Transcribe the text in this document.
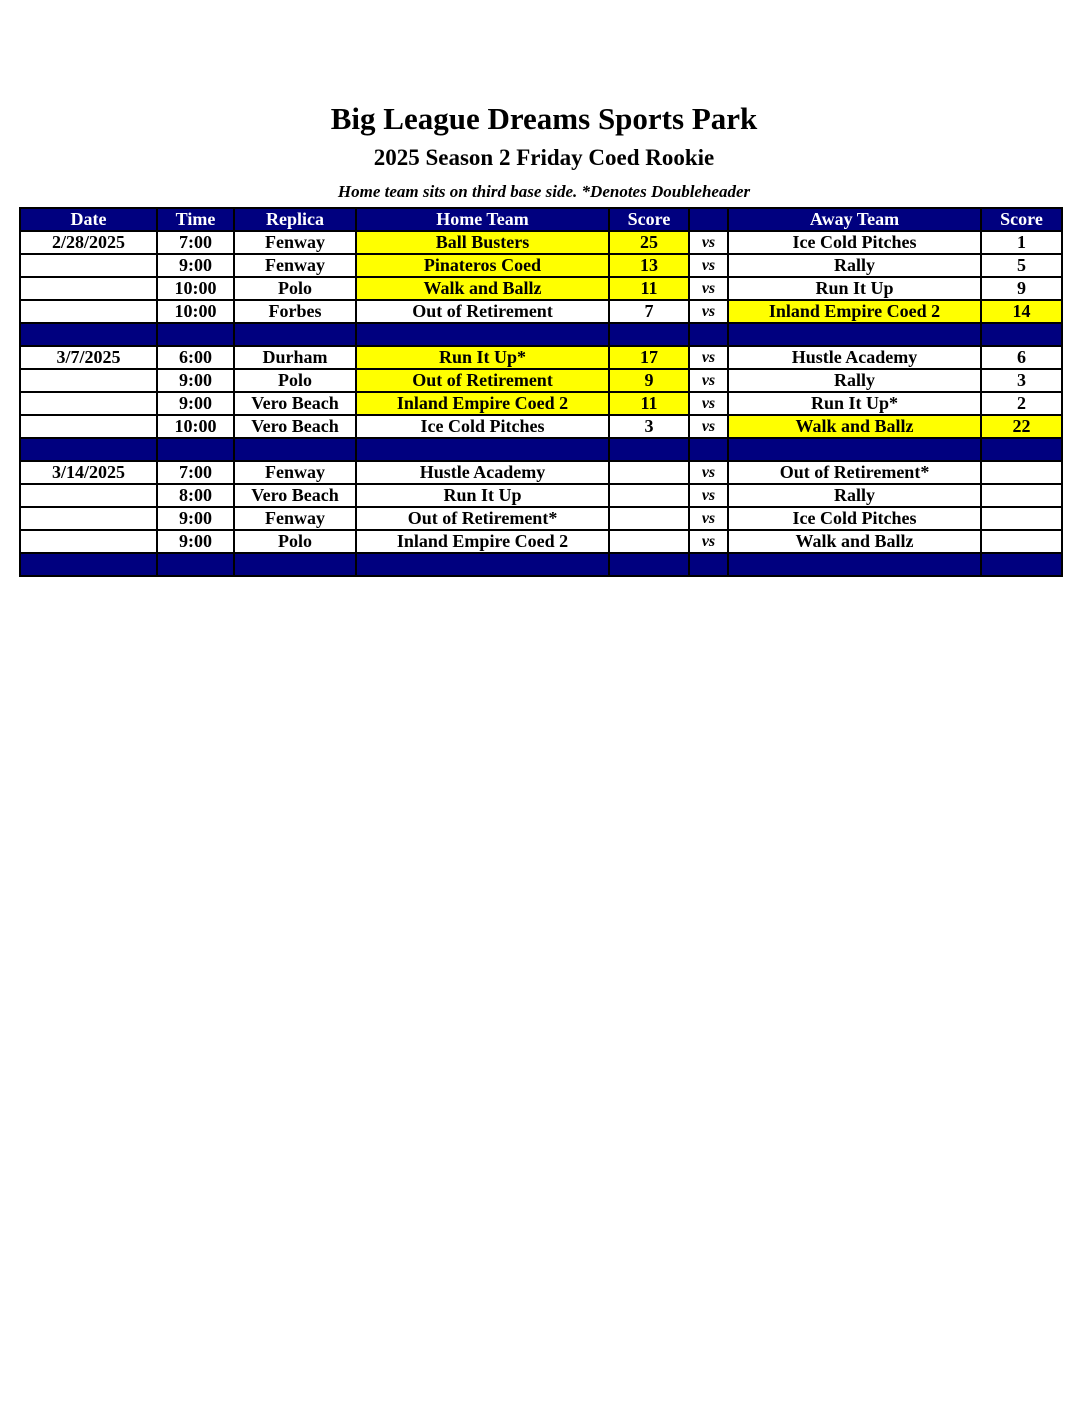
Big League Dreams Sports Park
2025 Season 2 Friday Coed Rookie
Home team sits on third base side. *Denotes Doubleheader
Date	Time	Replica	Home Team	Score		Away Team	Score
2/28/2025	7:00	Fenway	Ball Busters	25	vs	Ice Cold Pitches	1
	9:00	Fenway	Pinateros Coed	13	vs	Rally	5
	10:00	Polo	Walk and Ballz	11	vs	Run It Up	9
	10:00	Forbes	Out of Retirement	7	vs	Inland Empire Coed 2	14

3/7/2025	6:00	Durham	Run It Up*	17	vs	Hustle Academy	6
	9:00	Polo	Out of Retirement	9	vs	Rally	3
	9:00	Vero Beach	Inland Empire Coed 2	11	vs	Run It Up*	2
	10:00	Vero Beach	Ice Cold Pitches	3	vs	Walk and Ballz	22

3/14/2025	7:00	Fenway	Hustle Academy		vs	Out of Retirement*	
	8:00	Vero Beach	Run It Up		vs	Rally	
	9:00	Fenway	Out of Retirement*		vs	Ice Cold Pitches	
	9:00	Polo	Inland Empire Coed 2		vs	Walk and Ballz	
